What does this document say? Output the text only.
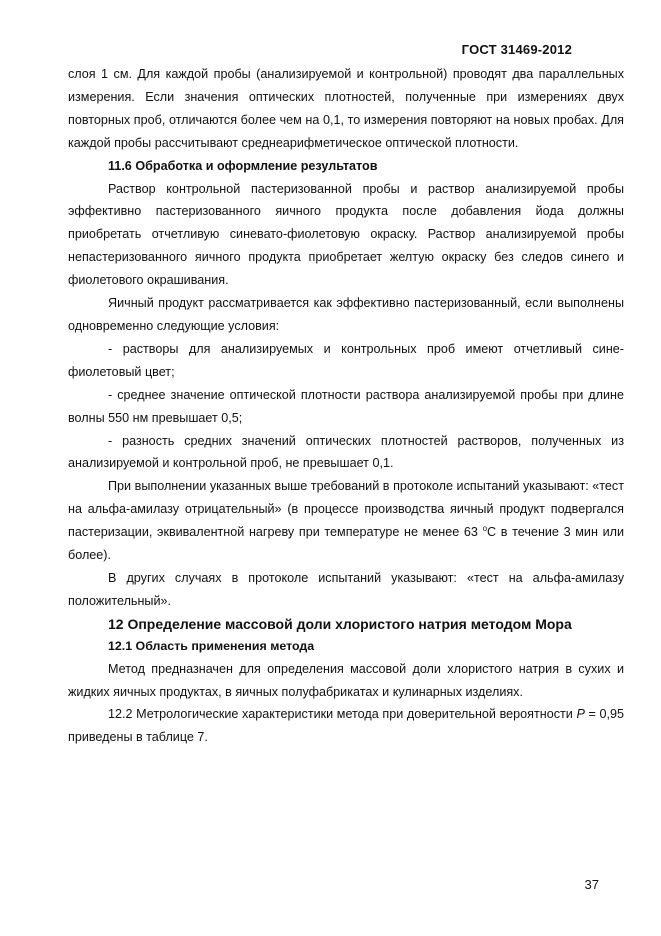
ГОСТ 31469-2012

слоя 1 см. Для каждой пробы (анализируемой и контрольной) проводят два параллельных измерения. Если значения оптических плотностей, полученные при измерениях двух повторных проб, отличаются более чем на 0,1, то измерения повторяют на новых пробах. Для каждой пробы рассчитывают среднеарифметическое оптической плотности.

11.6 Обработка и оформление результатов

Раствор контрольной пастеризованной пробы и раствор анализируемой пробы эффективно пастеризованного яичного продукта после добавления йода должны приобретать отчетливую синевато-фиолетовую окраску. Раствор анализируемой пробы непастеризованного яичного продукта приобретает желтую окраску без следов синего и фиолетового окрашивания.

Яичный продукт рассматривается как эффективно пастеризованный, если выполнены одновременно следующие условия:

- растворы для анализируемых и контрольных проб имеют отчетливый сине-фиолетовый цвет;

- среднее значение оптической плотности раствора анализируемой пробы при длине волны 550 нм превышает 0,5;

- разность средних значений оптических плотностей растворов, полученных из анализируемой и контрольной проб, не превышает 0,1.

При выполнении указанных выше требований в протоколе испытаний указывают: «тест на альфа-амилазу отрицательный» (в процессе производства яичный продукт подвергался пастеризации, эквивалентной нагреву при температуре не менее 63 $^o$С в течение 3 мин или более).

В других случаях в протоколе испытаний указывают: «тест на альфа-амилазу положительный».

12 Определение массовой доли хлористого натрия методом Мора

12.1 Область применения метода

Метод предназначен для определения массовой доли хлористого натрия в сухих и жидких яичных продуктах, в яичных полуфабрикатах и кулинарных изделиях.

12.2 Метрологические характеристики метода при доверительной вероятности Р = 0,95 приведены в таблице 7.

37
